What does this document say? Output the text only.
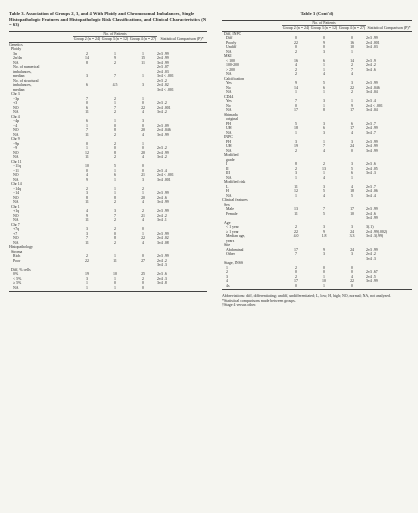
Table 3. Association of Groups 2, 3, and 4 With Ploidy and Chromosomal Imbalances, Single Histopathologic Features and Histopathologic Risk Classifications, and Clinical Characteristics (N = 63)
	No. of Patients			

	Group 2 (n = 24)	Group 3 (n = 12)	Group 4 (n = 27)	Statistical Comparison (P)*
Genetics				
Ploidy				
3n	2	1	1	2v3 .99
2n/4n	14	9	15	2v4 .99
NA	8	2	11	3v4 .99
No. of numerical				2v3 .07
imbalances,				2v4 .03
median	3	7	1	3v4 < .001
No. of structural				2v3 .2
imbalances,	6	4.5	3	2v4 .02
median				3v4 < .001
Chr 3				
−3p	7	2	1	
+3	0	1	0	2v3 .2
NO	6	7	22	2v4 .001
NA	11	2	4	3v4 .2
Chr 4				
−4p	6	1	3	
−4	1	0	0	2v3 .09
NO	7	8	20	2v4 .046
NA	11	2	4	3v4 .99
Chr 9				
−9p	0	2	1	
−9	1	0	0	2v3 .2
NO	12	8	20	2v4 .99
NA	11	2	4	3v4 .2
Chr 11				
−11q	10	5	0	
−11	0	1	0	2v3 .4
NO	4	6	21	2v4 < .001
NA	9	1	3	3v4 .001
Chr 14				
−14q	2	1	2	
−14	3	1	1	2v3 .99
NO	8	8	20	2v4 .6
NA	11	2	4	3v4 .99
Chr 1				
+1q	4	3	2	2v3 .99
NO	9	7	21	2v4 .2
NA	11	2	4	3v4 .1
Chr 7				
+7q	3	2	0	
+7	3	0	1	2v3 .99
NO	7	8	22	2v4 .02
NA	11	2	4	3v4 .08
Histopathology				
Stroma				
Rich	2	1	0	2v3 .99
Poor	22	11	27	2v4 .2
				3v4 .3
Diff, % cells				
0%	19	10	25	2v3 .6
< 5%	3	1	2	2v4 .3
≥ 5%	1	0	0	3v4 .8
NA	1	1	0	

Table 3 (Cont'd)
	No. of Patients			

	Group 2 (n = 24)	Group 3 (n = 12)	Group 4 (n = 27)	Statistical Comparison (P)*
Diff, INPC				
Diff	0	0	0	2v3 .99
Poorly	22	9	16	2v4 .001
Undiff	0	0	10	3v4 .03
NA	2	3	1	
MKI				
< 100	16	6	14	2v3 .9
100-200	4	1	2	2v4 .2
> 200	2	1	7	3v4 .6
NA	2	4	4	
Calcification				
Yes	9	5	3	2v3 .99
No	14	6	22	2v4 .046
NA	1	1	2	3v4 .04
CD44				
Yes	7	3	1	2v3 .4
No	0	1	9	2v4 < .001
NA	17	8	17	3v4 .04
Shimada				
original				
FH	5	3	6	2v3 .7
UH	18	6	17	2v4 .99
NA	1	3	4	3v4 .7
INPC				
FH	3	1	3	2v3 .99
UH	19	7	24	2v4 .99
NA	2	4	0	3v4 .99
Modified				
grade				
I	8	2	3	2v3 .6
II	2	13	5	2v4 .05
III	3	1	6	3v4 .3
NA	1	4	1	
Modified risk				
L	11	3	4	2v3 .7
H	12	5	18	2v4 .06
NA	1	4	5	3v4 .4
Clinical features				
Sex				
Male	13	7	17	2v3 .99
Female	11	5	10	2v4 .6
				3v4 .99
Age				
< 1 year	2	3	3	3(.1)
≥ 1 year	22	9	24	2v4 .99(.002)
Median age,	4.0	1.8	3.3	3v4 .3(.99)
years				
Site				
Abdominal	17	9	24	2v3 .99
Other	7	3	3	2v4 .2
				3v4 .3
Stage, INSS				
1	2	0	0	
2	0	0	0	2v3 .67
3	2	1	4	2v4 .5
4	17	10	22	3v4 .99
4s	0	1	0	

Abbreviations: diff, differentiating; undiff, undifferentiated; L, low; H, high; NO, normal; NA, not analyzed.
*Statistical comparisons made between groups.
†Stage 4 versus other.
